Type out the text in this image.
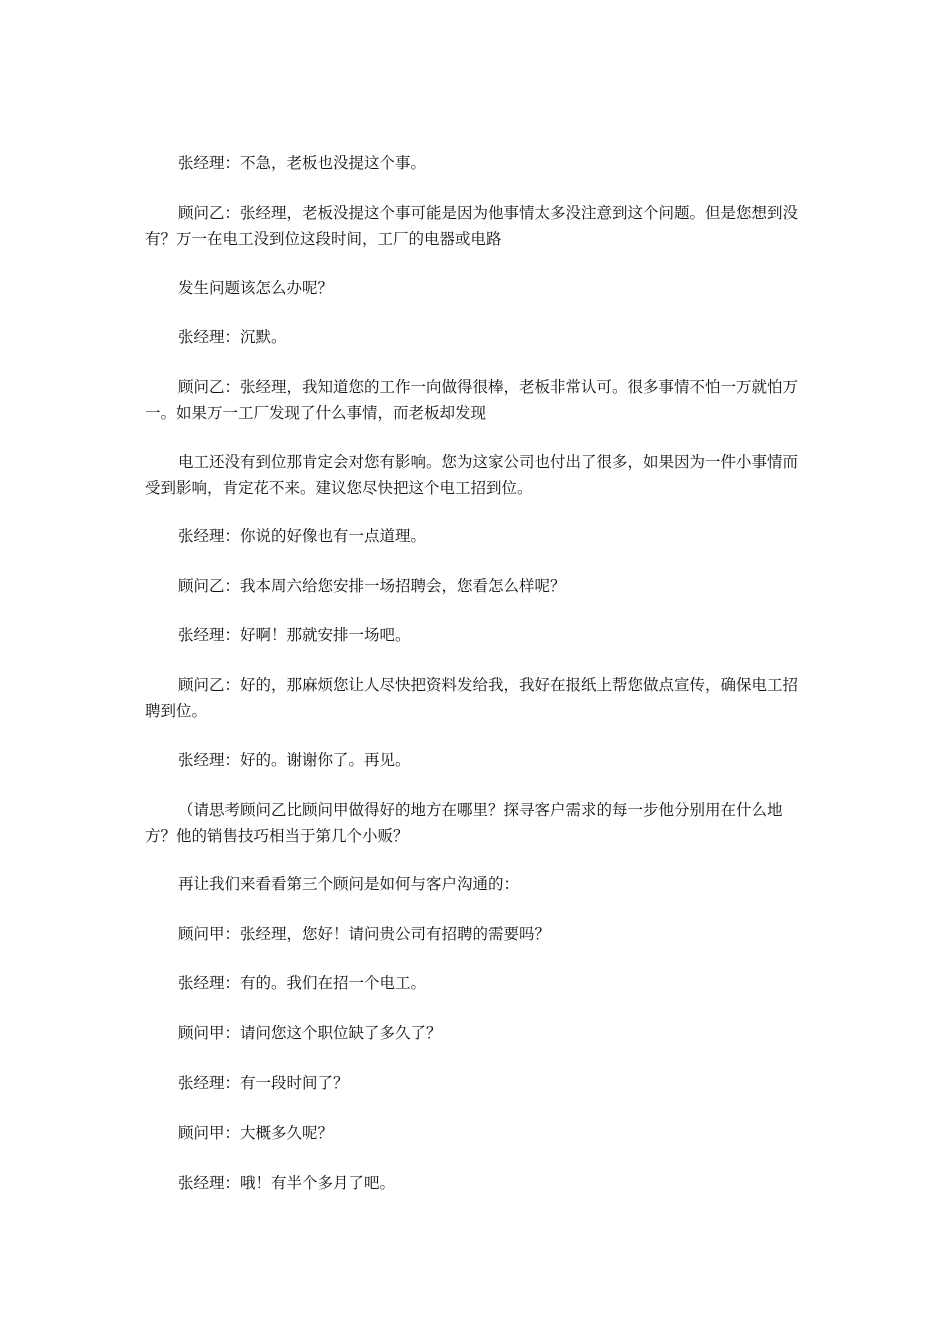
张经理：不急，老板也没提这个事。

顾问乙：张经理，老板没提这个事可能是因为他事情太多没注意到这个问题。但是您想到没有？万一在电工没到位这段时间，工厂的电器或电路

发生问题该怎么办呢？

张经理：沉默。

顾问乙：张经理，我知道您的工作一向做得很棒，老板非常认可。很多事情不怕一万就怕万一。如果万一工厂发现了什么事情，而老板却发现

电工还没有到位那肯定会对您有影响。您为这家公司也付出了很多，如果因为一件小事情而受到影响，肯定花不来。建议您尽快把这个电工招到位。

张经理：你说的好像也有一点道理。

顾问乙：我本周六给您安排一场招聘会，您看怎么样呢？

张经理：好啊！那就安排一场吧。

顾问乙：好的，那麻烦您让人尽快把资料发给我，我好在报纸上帮您做点宣传，确保电工招聘到位。

张经理：好的。谢谢你了。再见。

（请思考顾问乙比顾问甲做得好的地方在哪里？探寻客户需求的每一步他分别用在什么地方？他的销售技巧相当于第几个小贩？

再让我们来看看第三个顾问是如何与客户沟通的：

顾问甲：张经理，您好！请问贵公司有招聘的需要吗？

张经理：有的。我们在招一个电工。

顾问甲：请问您这个职位缺了多久了？

张经理：有一段时间了？

顾问甲：大概多久呢？

张经理：哦！有半个多月了吧。
